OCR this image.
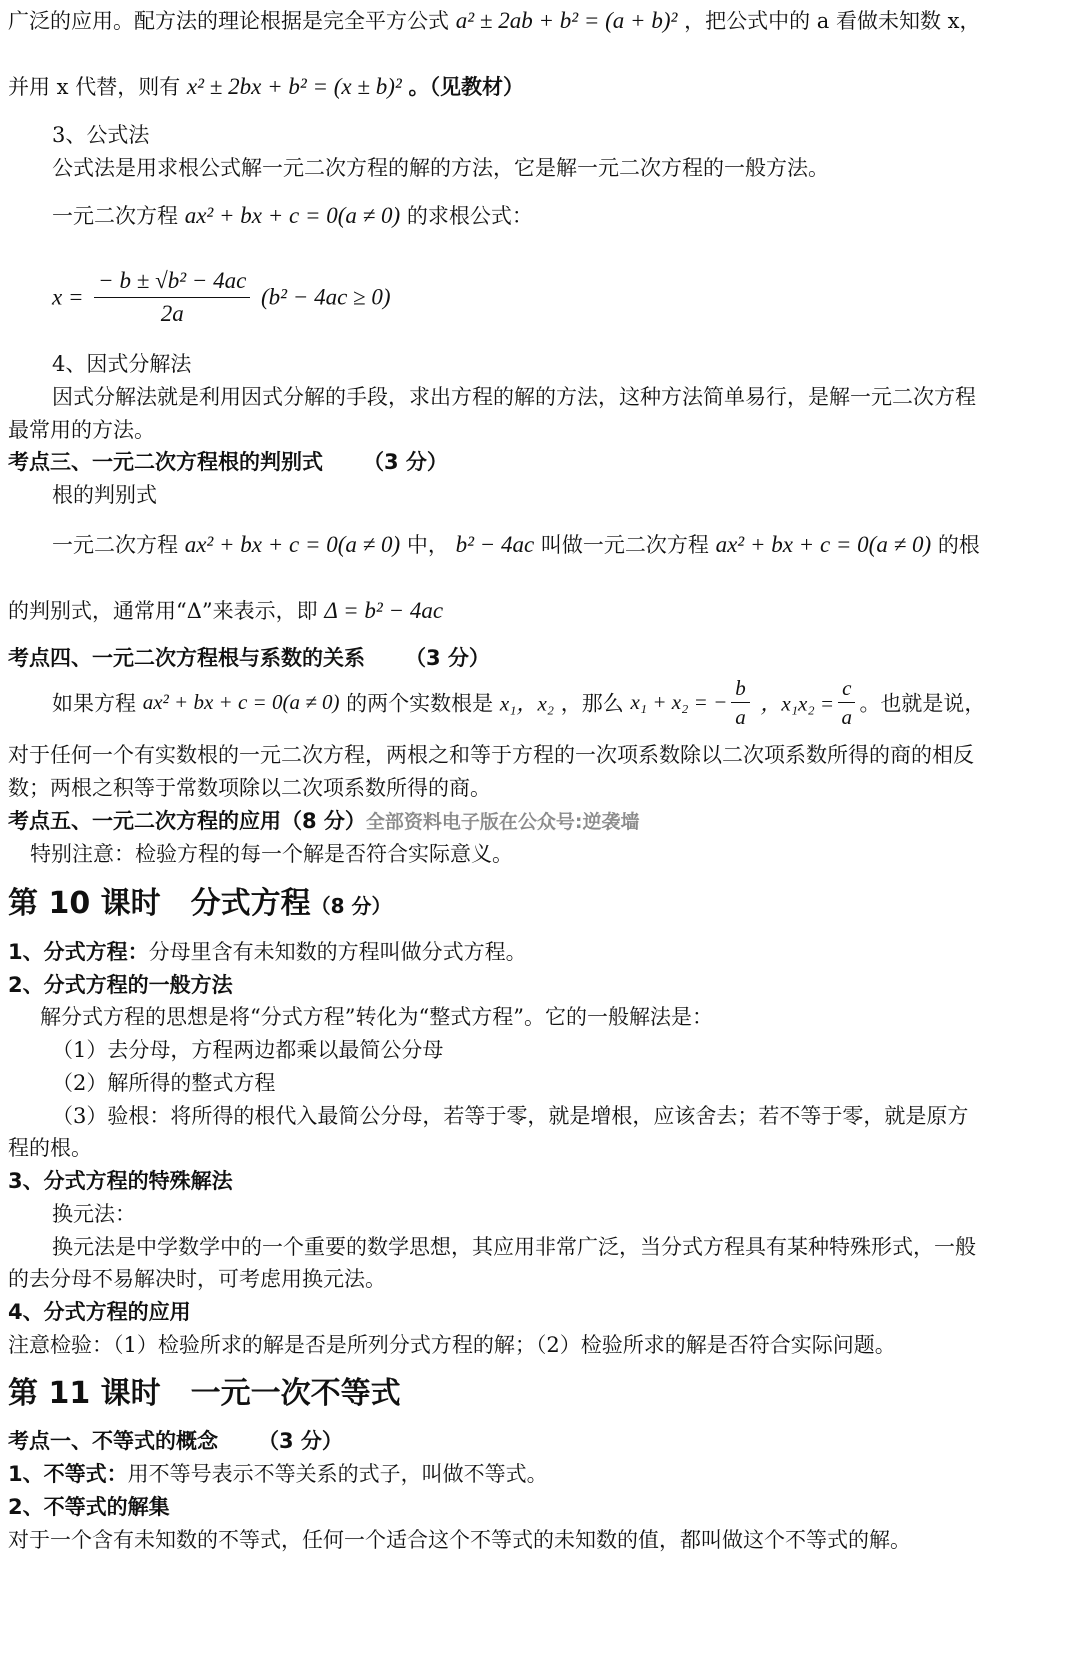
广泛的应用。配方法的理论根据是完全平方公式 a² ± 2ab + b² = (a + b)² ，把公式中的 a 看做未知数 x，
并用 x 代替，则有 x² ± 2bx + b² = (x ± b)² 。（见教材）
3、公式法
公式法是用求根公式解一元二次方程的解的方法，它是解一元二次方程的一般方法。
一元二次方程 ax² + bx + c = 0(a ≠ 0) 的求根公式：
$x = \frac{\text{− b ± √b² − 4ac}}{2a} (b^2 - 4ac \ge 0)$
4、因式分解法
因式分解法就是利用因式分解的手段，求出方程的解的方法，这种方法简单易行，是解一元二次方程
最常用的方法。
考点三、一元二次方程根的判别式 （3 分）
根的判别式
一元二次方程 ax² + bx + c = 0(a ≠ 0) 中， b² − 4ac 叫做一元二次方程 ax² + bx + c = 0(a ≠ 0) 的根
的判别式，通常用“Δ”来表示，即 Δ = b² − 4ac
考点四、一元二次方程根与系数的关系 （3 分）
如果方程 ax² + bx + c = 0(a ≠ 0) 的两个实数根是 x₁，x₂ ，那么 x₁ + x₂ = − $\frac{b}{a}$ ，$x_1x_2 = \frac{c}{a}$ 。也就是说，
对于任何一个有实数根的一元二次方程，两根之和等于方程的一次项系数除以二次项系数所得的商的相反
数；两根之积等于常数项除以二次项系数所得的商。
考点五、一元二次方程的应用（8 分）全部资料电子版在公众号:逆袭墙
特别注意：检验方程的每一个解是否符合实际意义。
第 10 课时　分式方程（8 分）
1、分式方程：分母里含有未知数的方程叫做分式方程。
2、分式方程的一般方法
解分式方程的思想是将“分式方程”转化为“整式方程”。它的一般解法是：
（1）去分母，方程两边都乘以最简公分母
（2）解所得的整式方程
（3）验根：将所得的根代入最简公分母，若等于零，就是增根，应该舍去；若不等于零，就是原方
程的根。
3、分式方程的特殊解法
换元法：
换元法是中学数学中的一个重要的数学思想，其应用非常广泛，当分式方程具有某种特殊形式，一般
的去分母不易解决时，可考虑用换元法。
4、分式方程的应用
注意检验：（1）检验所求的解是否是所列分式方程的解；（2）检验所求的解是否符合实际问题。
第 11 课时　一元一次不等式
考点一、不等式的概念 （3 分）
1、不等式：用不等号表示不等关系的式子，叫做不等式。
2、不等式的解集
对于一个含有未知数的不等式，任何一个适合这个不等式的未知数的值，都叫做这个不等式的解。
